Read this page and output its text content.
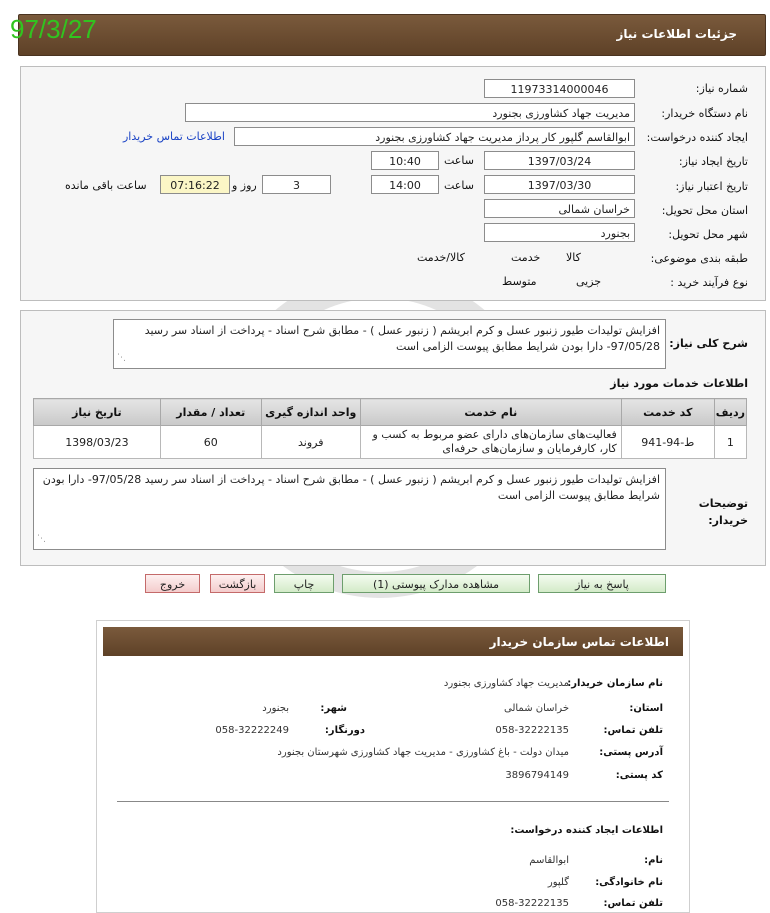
جزئیات اطلاعات نیاز
97/3/27
شماره نیاز:
11973314000046
نام دستگاه خریدار:
مدیریت جهاد کشاورزی بجنورد
ایجاد کننده درخواست:
ابوالقاسم گلپور کار پرداز مدیریت جهاد کشاورزی بجنورد
اطلاعات تماس خریدار
تاریخ ایجاد نیاز:
1397/03/24
ساعت
10:40
تاریخ اعتبار نیاز:
1397/03/30
ساعت
14:00
3
روز و
07:16:22
ساعت باقی مانده
استان محل تحویل:
خراسان شمالی
شهر محل تحویل:
بجنورد
طبقه بندی موضوعی:

کالا

خدمت

کالا/خدمت
نوع فرآیند خرید :

جزیی
متوسط
شرح کلی نیاز:
افزایش تولیدات طیور زنبور عسل و کرم ابریشم ( زنبور عسل ) - مطابق شرح اسناد - پرداخت از اسناد سر رسید 97/05/28- دارا بودن شرایط مطابق پیوست الزامی است
⋰
اطلاعات خدمات مورد نیاز
ردیف	کد خدمت	نام خدمت	واحد اندازه گیری	تعداد / مقدار	تاریخ نیاز
1	ط-94-941	فعالیت‌های سازمان‌های دارای عضو مربوط به کسب و کار، کارفرمایان و سازمان‌های حرفه‌ای	فروند	60	1398/03/23
توضیحات خریدار:
افزایش تولیدات طیور زنبور عسل و کرم ابریشم ( زنبور عسل ) - مطابق شرح اسناد - پرداخت از اسناد سر رسید 97/05/28- دارا بودن شرایط مطابق پیوست الزامی است
⋰
پاسخ به نیاز
مشاهده مدارک پیوستی (1)
چاپ
بازگشت
خروج
اطلاعات تماس سازمان خریدار
نام سازمان خریدار:
مدیریت جهاد کشاورزی بجنورد
استان:
خراسان شمالی
شهر:
بجنورد
تلفن تماس:
058-32222135
دورنگار:
058-32222249
آدرس پستی:
میدان دولت - باغ کشاورزی - مدیریت جهاد کشاورزی شهرستان بجنورد
کد پستی:
3896794149
اطلاعات ایجاد کننده درخواست:
نام:
ابوالقاسم
نام خانوادگی:
گلپور
تلفن تماس:
058-32222135
